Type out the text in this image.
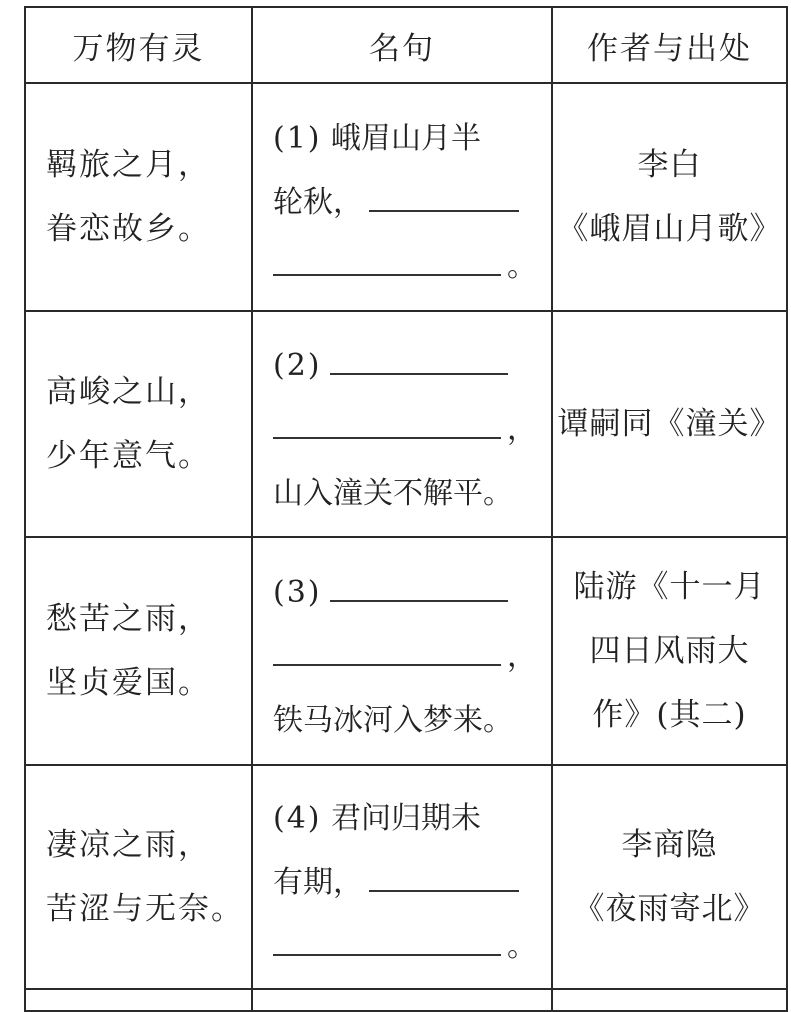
万物有灵	名句	作者与出处

羁旅之月，
眷恋故乡。	(1) 峨眉山月半
轮秋，
。	李白
《峨眉山月歌》

高峻之山，
少年意气。	(2)
，
山入潼关不解平。	谭嗣同《潼关》

愁苦之雨，
坚贞爱国。	(3)
，
铁马冰河入梦来。	陆游《十一月
四日风雨大
作》(其二)

凄凉之雨，
苦涩与无奈。	(4) 君问归期未
有期，
。	李商隐
《夜雨寄北》
